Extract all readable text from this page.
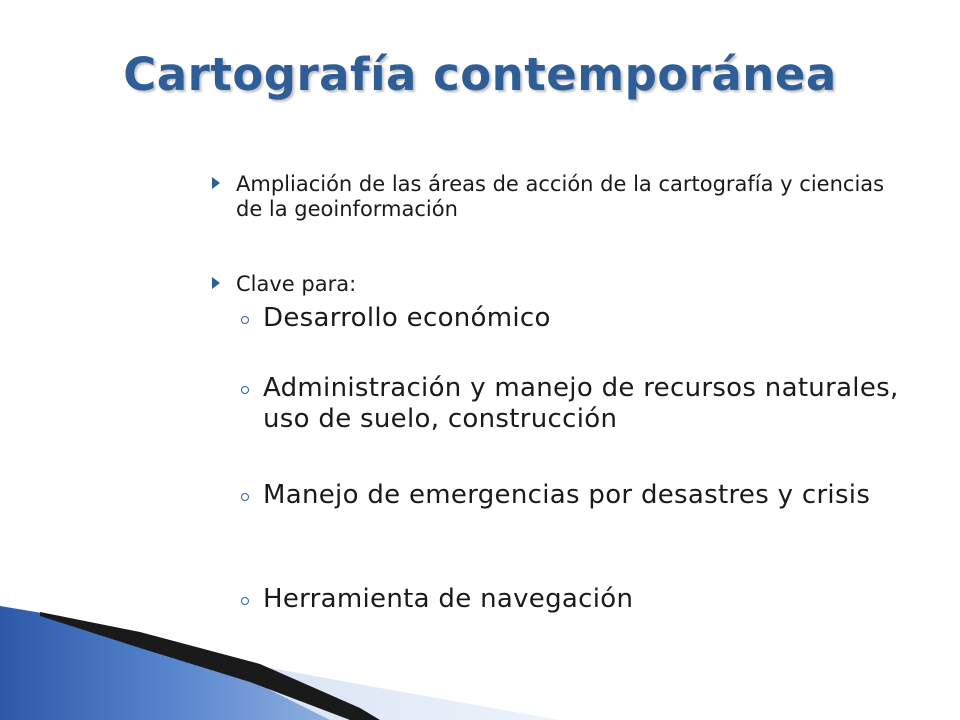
Cartografía contemporánea
Ampliación de las áreas de acción de la cartografía y ciencias de la geoinformación
Clave para:
Desarrollo económico
Administración y manejo de recursos naturales, uso de suelo, construcción
Manejo de emergencias por desastres y crisis
Herramienta de navegación
